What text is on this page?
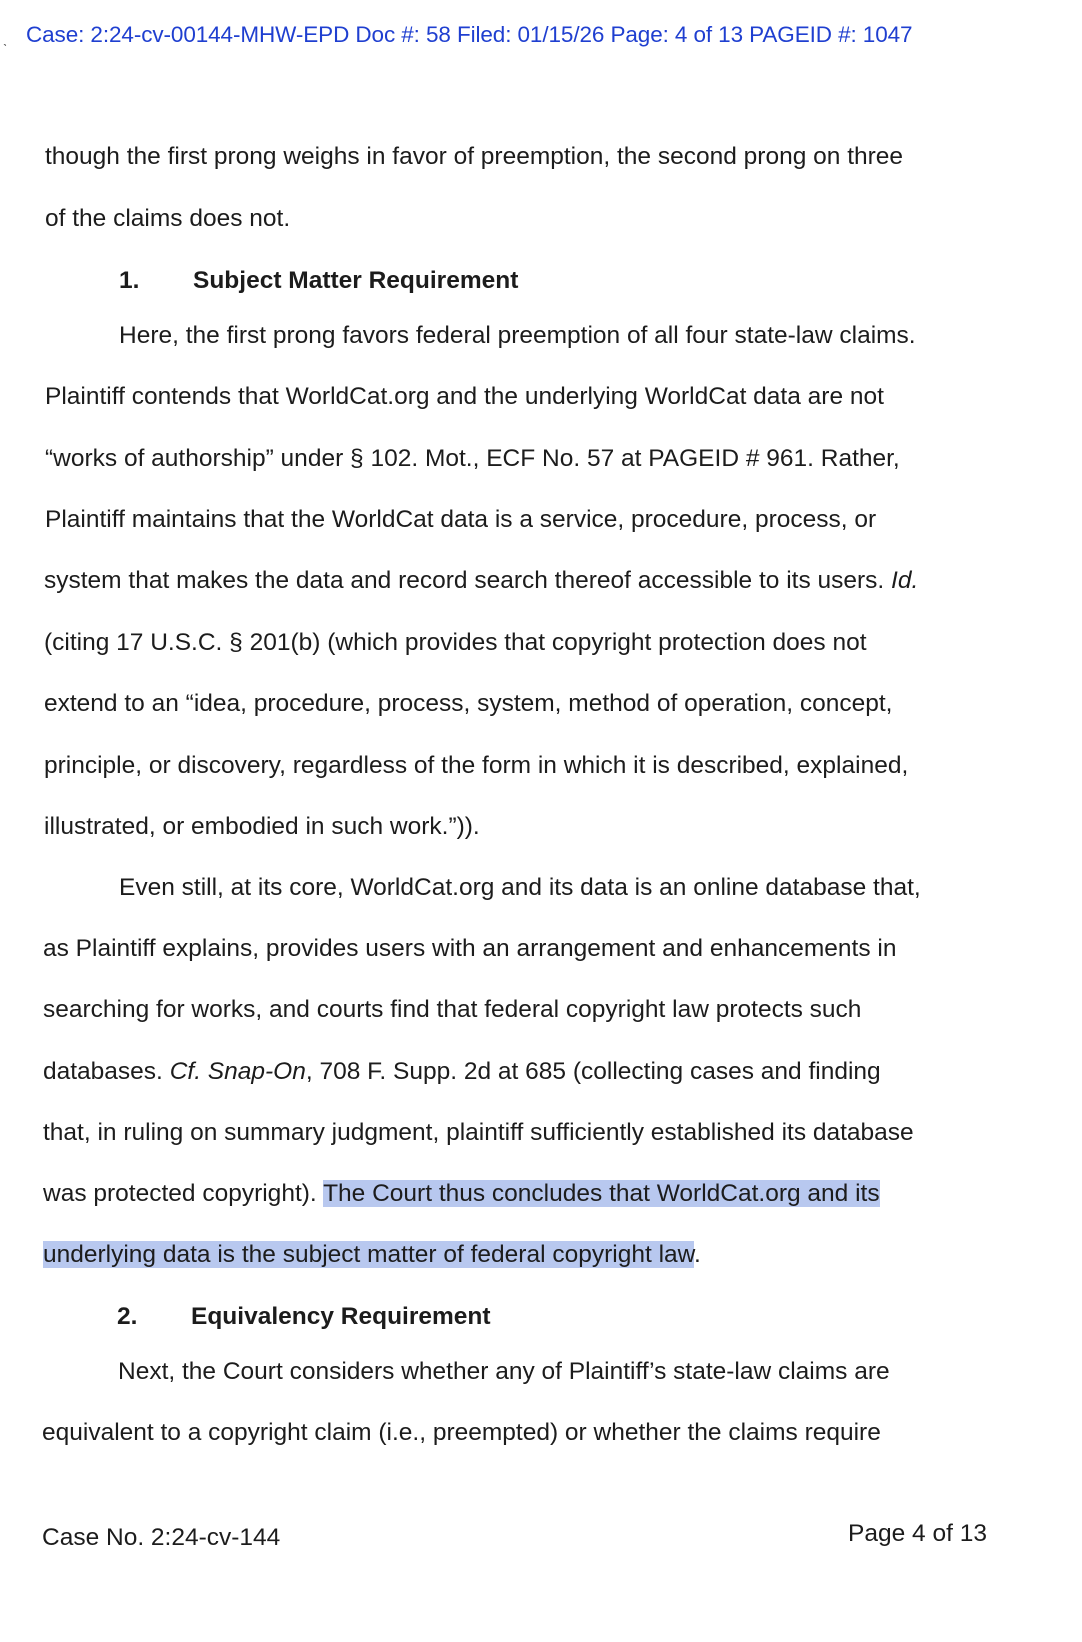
ˎ Case: 2:24-cv-00144-MHW-EPD Doc #: 58 Filed: 01/15/26 Page: 4 of 13 PAGEID #: 1047
though the first prong weighs in favor of preemption, the second prong on three
of the claims does not.
1. Subject Matter Requirement
Here, the first prong favors federal preemption of all four state-law claims.
Plaintiff contends that WorldCat.org and the underlying WorldCat data are not
“works of authorship” under § 102. Mot., ECF No. 57 at PAGEID # 961. Rather,
Plaintiff maintains that the WorldCat data is a service, procedure, process, or
system that makes the data and record search thereof accessible to its users. Id.
(citing 17 U.S.C. § 201(b) (which provides that copyright protection does not
extend to an “idea, procedure, process, system, method of operation, concept,
principle, or discovery, regardless of the form in which it is described, explained,
illustrated, or embodied in such work.”)).
Even still, at its core, WorldCat.org and its data is an online database that,
as Plaintiff explains, provides users with an arrangement and enhancements in
searching for works, and courts find that federal copyright law protects such
databases. Cf. Snap-On, 708 F. Supp. 2d at 685 (collecting cases and finding
that, in ruling on summary judgment, plaintiff sufficiently established its database
was protected copyright). The Court thus concludes that WorldCat.org and its
underlying data is the subject matter of federal copyright law.
2. Equivalency Requirement
Next, the Court considers whether any of Plaintiff’s state-law claims are
equivalent to a copyright claim (i.e., preempted) or whether the claims require
Case No. 2:24-cv-144	Page 4 of 13
